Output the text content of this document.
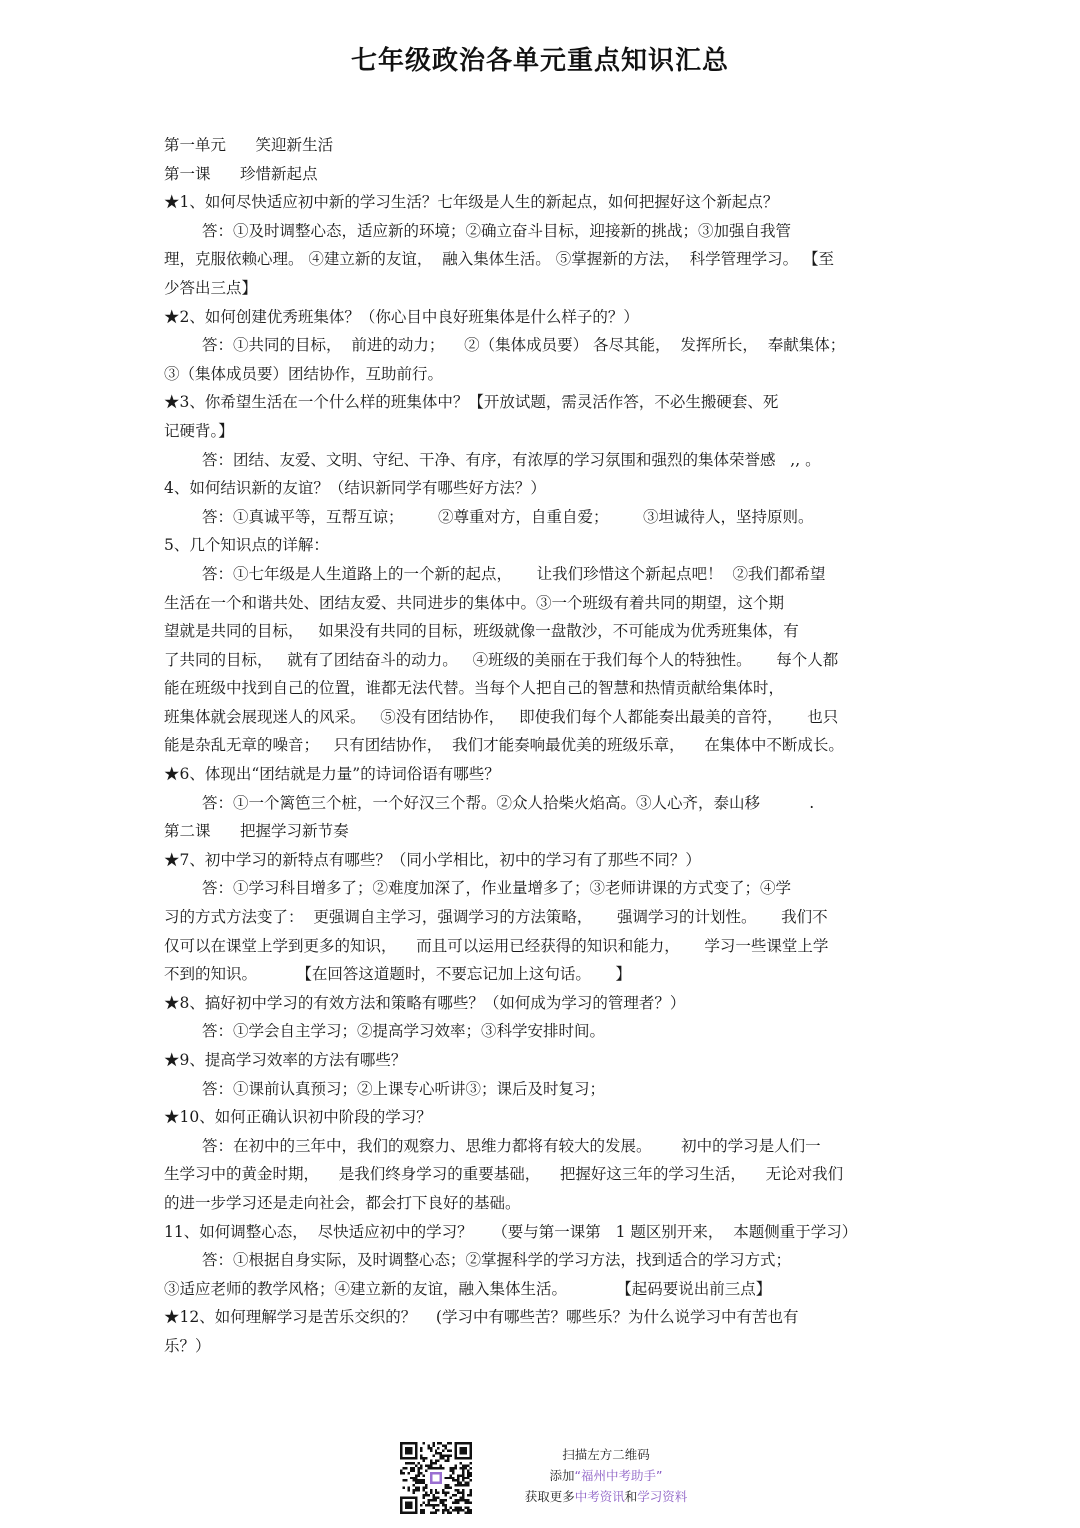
七年级政治各单元重点知识汇总
第一单元      笑迎新生活
第一课      珍惜新起点
★1、如何尽快适应初中新的学习生活？七年级是人生的新起点，如何把握好这个新起点？
答：①及时调整心态，适应新的环境；②确立奋斗目标，迎接新的挑战；③加强自我管
理，克服依赖心理。 ④建立新的友谊，  融入集体生活。 ⑤掌握新的方法，  科学管理学习。 【至
少答出三点】
★2、如何创建优秀班集体？（你心目中良好班集体是什么样子的？）
答：①共同的目标，  前进的动力；    ②（集体成员要） 各尽其能，  发挥所长，  奉献集体；
③（集体成员要）团结协作，互助前行。
★3、你希望生活在一个什么样的班集体中？【开放试题，需灵活作答，不必生搬硬套、死
记硬背。】
答：团结、友爱、文明、守纪、干净、有序，有浓厚的学习氛围和强烈的集体荣誉感   ,, 。
4、如何结识新的友谊？（结识新同学有哪些好方法？）
答：①真诚平等，互帮互谅；       ②尊重对方，自重自爱；       ③坦诚待人，坚持原则。
5、几个知识点的详解：
答：①七年级是人生道路上的一个新的起点，     让我们珍惜这个新起点吧！  ②我们都希望
生活在一个和谐共处、团结友爱、共同进步的集体中。③一个班级有着共同的期望，这个期
望就是共同的目标，   如果没有共同的目标，班级就像一盘散沙，不可能成为优秀班集体，有
了共同的目标，   就有了团结奋斗的动力。   ④班级的美丽在于我们每个人的特独性。     每个人都
能在班级中找到自己的位置，谁都无法代替。当每个人把自己的智慧和热情贡献给集体时，
班集体就会展现迷人的风采。   ⑤没有团结协作，   即使我们每个人都能奏出最美的音符，     也只
能是杂乱无章的噪音；   只有团结协作，  我们才能奏响最优美的班级乐章，    在集体中不断成长。
★6、体现出“团结就是力量”的诗词俗语有哪些？
答：①一个篱笆三个桩，一个好汉三个帮。②众人拾柴火焰高。③人心齐，泰山移          .
第二课      把握学习新节奏
★7、初中学习的新特点有哪些？（同小学相比，初中的学习有了那些不同？）
答：①学习科目增多了；②难度加深了，作业量增多了；③老师讲课的方式变了；④学
习的方式方法变了：  更强调自主学习，强调学习的方法策略，     强调学习的计划性。     我们不
仅可以在课堂上学到更多的知识，    而且可以运用已经获得的知识和能力，     学习一些课堂上学
不到的知识。        【在回答这道题时，不要忘记加上这句话。     】
★8、搞好初中学习的有效方法和策略有哪些？（如何成为学习的管理者？）
答：①学会自主学习；②提高学习效率；③科学安排时间。
★9、提高学习效率的方法有哪些？
答：①课前认真预习；②上课专心听讲③；课后及时复习；
★10、如何正确认识初中阶段的学习？
答：在初中的三年中，我们的观察力、思维力都将有较大的发展。      初中的学习是人们一
生学习中的黄金时期，    是我们终身学习的重要基础，    把握好这三年的学习生活，    无论对我们
的进一步学习还是走向社会，都会打下良好的基础。
11、如何调整心态，  尽快适应初中的学习？    （要与第一课第   1 题区别开来，  本题侧重于学习）
答：①根据自身实际，及时调整心态；②掌握科学的学习方法，找到适合的学习方式；
③适应老师的教学风格；④建立新的友谊，融入集体生活。          【起码要说出前三点】
★12、如何理解学习是苦乐交织的？    (学习中有哪些苦？哪些乐？为什么说学习中有苦也有
乐？）
扫描左方二维码
添加“福州中考助手”
获取更多中考资讯和学习资料
